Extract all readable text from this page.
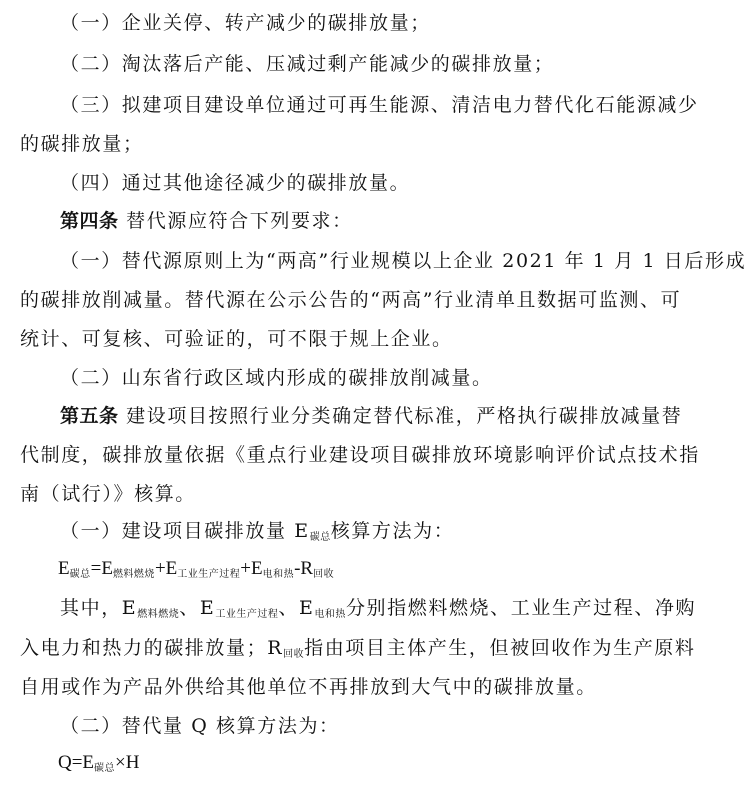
（一）企业关停、转产减少的碳排放量；
（二）淘汰落后产能、压减过剩产能减少的碳排放量；
（三）拟建项目建设单位通过可再生能源、清洁电力替代化石能源减少
的碳排放量；
（四）通过其他途径减少的碳排放量。
第四条 替代源应符合下列要求：
（一）替代源原则上为“两高”行业规模以上企业 2021 年 1 月 1 日后形成
的碳排放削减量。替代源在公示公告的“两高”行业清单且数据可监测、可
统计、可复核、可验证的，可不限于规上企业。
（二）山东省行政区域内形成的碳排放削减量。
第五条 建设项目按照行业分类确定替代标准，严格执行碳排放减量替
代制度，碳排放量依据《重点行业建设项目碳排放环境影响评价试点技术指
南（试行）》核算。
（一）建设项目碳排放量 $E_{碳总}$核算方法为：
$E_{碳总}=E_{燃料燃烧}+E_{工业生产过程}+E_{电和热}-R_{回收}$
其中，$E_{燃料燃烧}$、$E_{工业生产过程}$、$E_{电和热}$分别指燃料燃烧、工业生产过程、净购
入电力和热力的碳排放量；$R_{回收}$指由项目主体产生，但被回收作为生产原料
自用或作为产品外供给其他单位不再排放到大气中的碳排放量。
（二）替代量 Q 核算方法为：
$Q=E_{碳总}\times H$
